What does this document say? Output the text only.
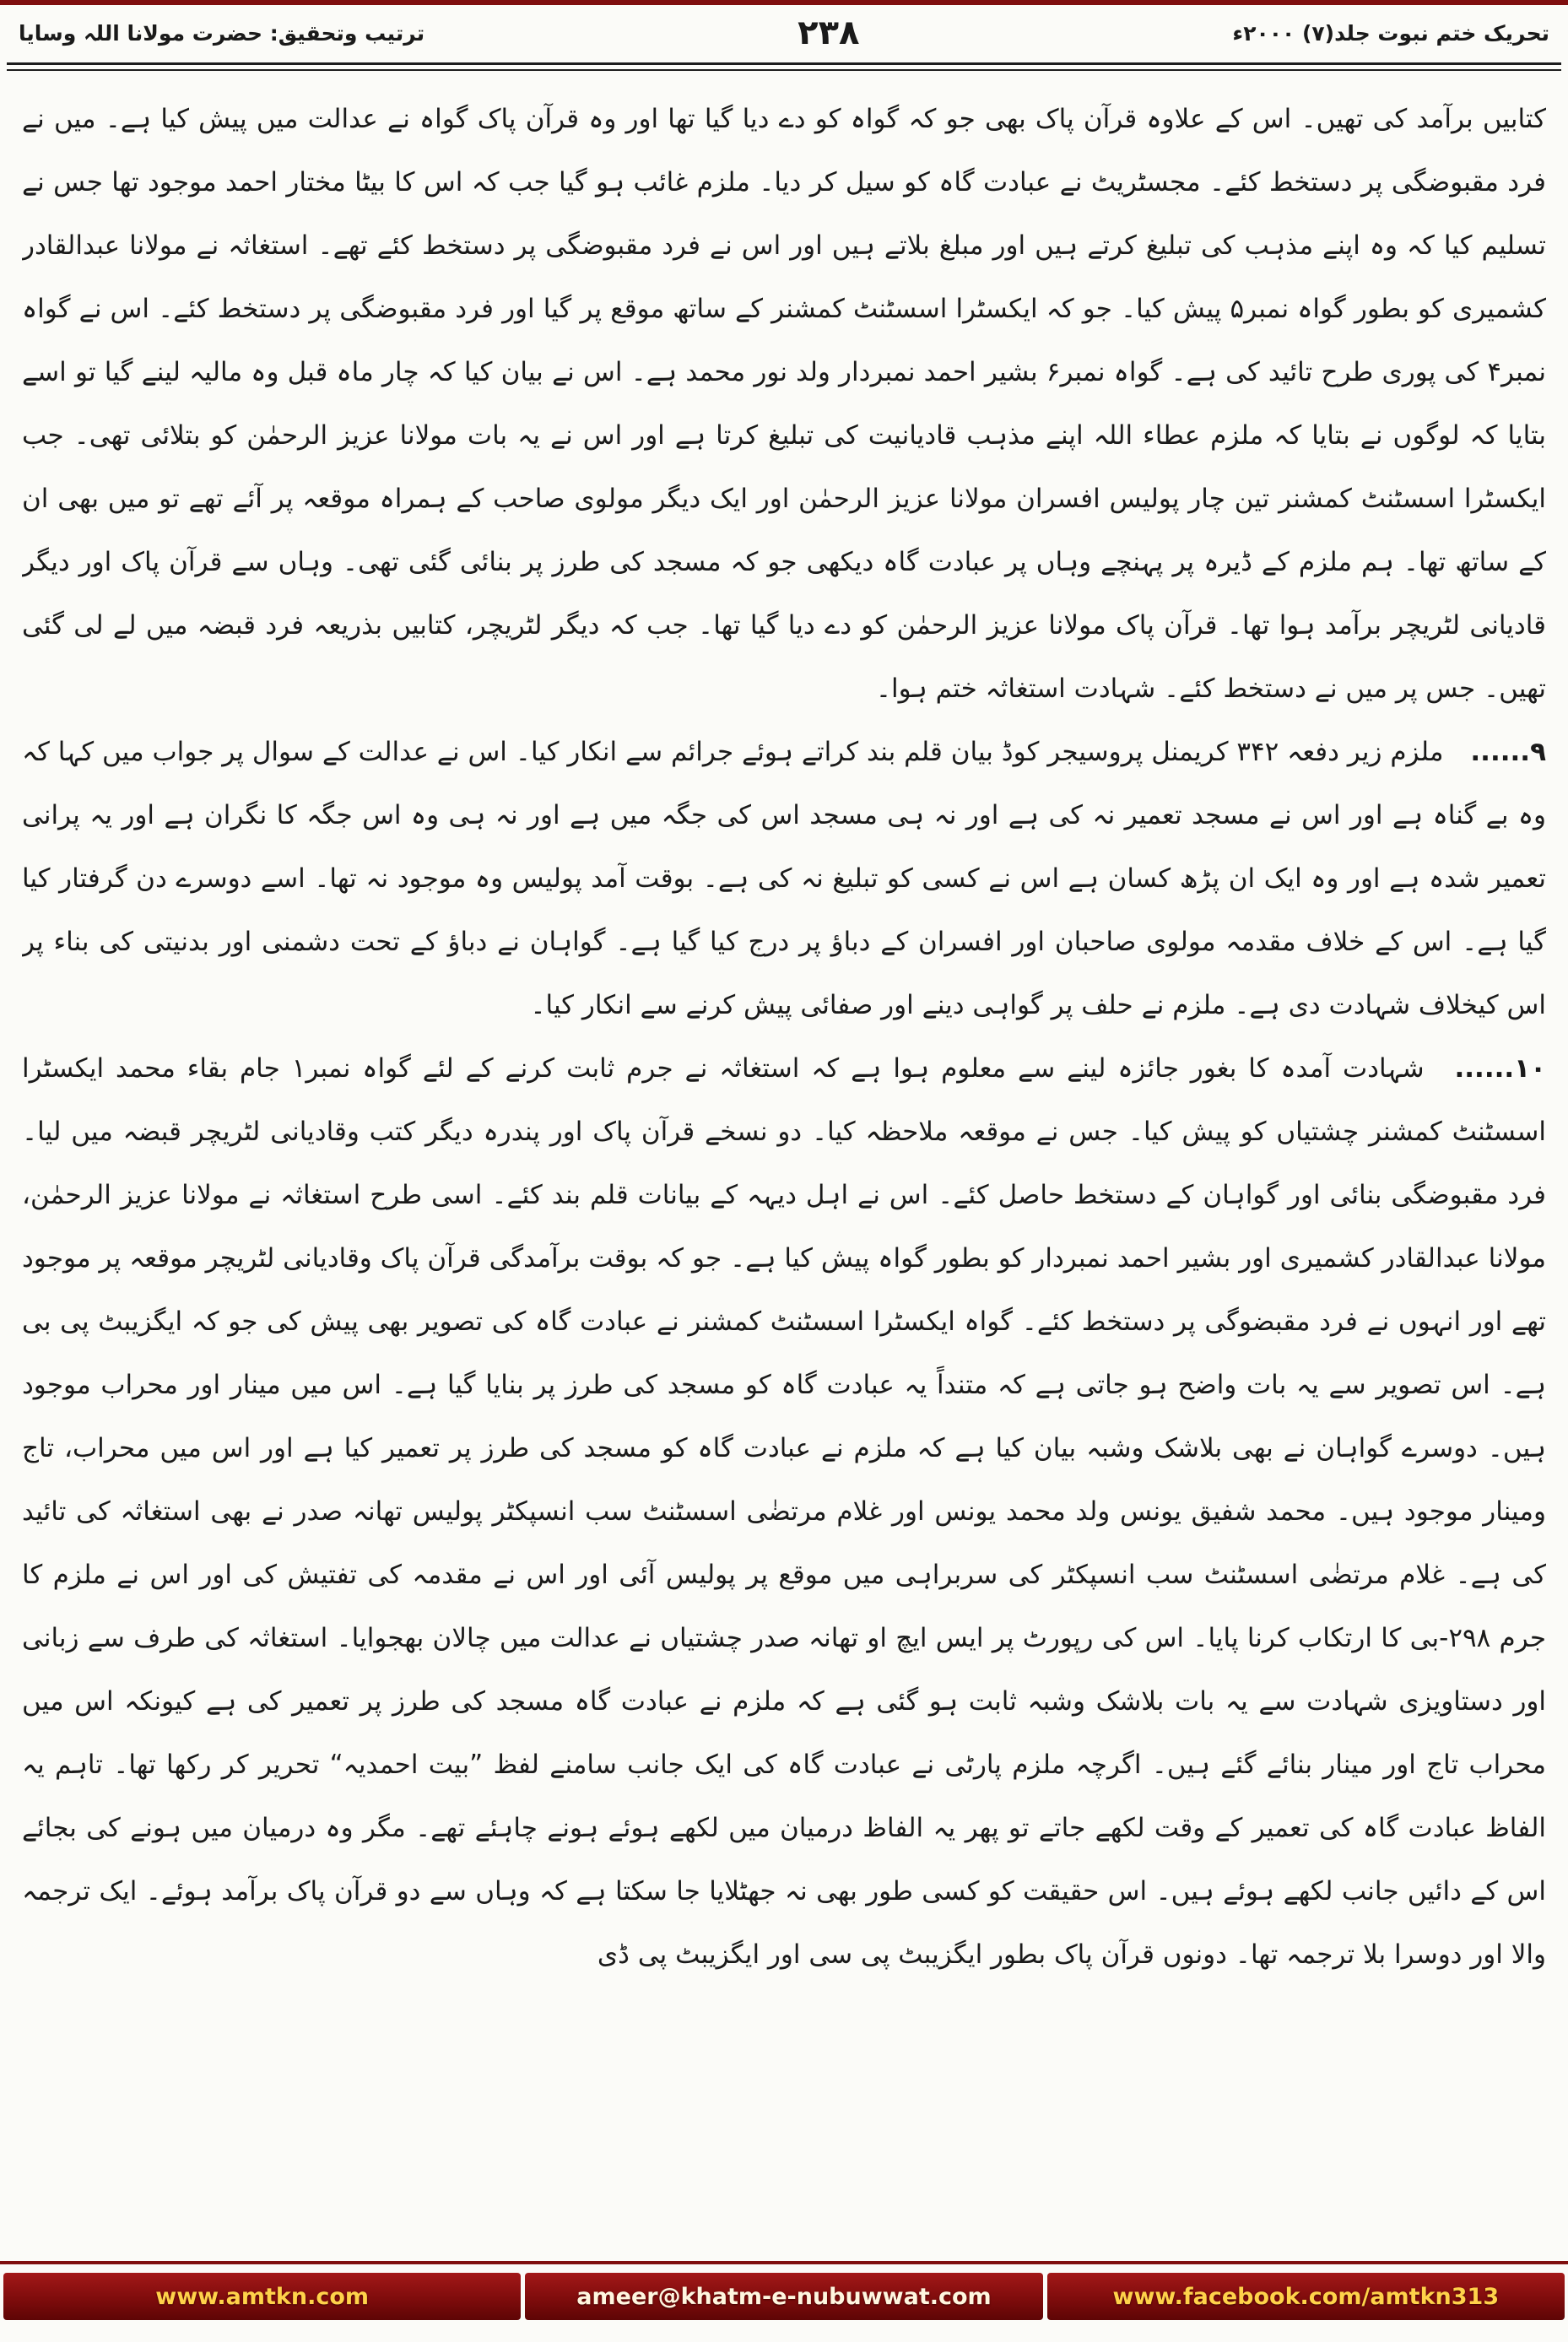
تحریک ختم نبوت جلد(۷) ۲۰۰۰ء
۲۳۸
ترتیب وتحقیق: حضرت مولانا اللہ وسایا

کتابیں برآمد کی تھیں۔ اس کے علاوہ قرآن پاک بھی جو کہ گواہ کو دے دیا گیا تھا اور وہ قرآن پاک گواہ نے عدالت میں پیش کیا ہے۔ میں نے فرد مقبوضگی پر دستخط کئے۔ مجسٹریٹ نے عبادت گاہ کو سیل کر دیا۔ ملزم غائب ہو گیا جب کہ اس کا بیٹا مختار احمد موجود تھا جس نے تسلیم کیا کہ وہ اپنے مذہب کی تبلیغ کرتے ہیں اور مبلغ بلاتے ہیں اور اس نے فرد مقبوضگی پر دستخط کئے تھے۔ استغاثہ نے مولانا عبدالقادر کشمیری کو بطور گواہ نمبر۵ پیش کیا۔ جو کہ ایکسٹرا اسسٹنٹ کمشنر کے ساتھ موقع پر گیا اور فرد مقبوضگی پر دستخط کئے۔ اس نے گواہ نمبر۴ کی پوری طرح تائید کی ہے۔ گواہ نمبر۶ بشیر احمد نمبردار ولد نور محمد ہے۔ اس نے بیان کیا کہ چار ماہ قبل وہ مالیہ لینے گیا تو اسے بتایا کہ لوگوں نے بتایا کہ ملزم عطاء اللہ اپنے مذہب قادیانیت کی تبلیغ کرتا ہے اور اس نے یہ بات مولانا عزیز الرحمٰن کو بتلائی تھی۔ جب ایکسٹرا اسسٹنٹ کمشنر تین چار پولیس افسران مولانا عزیز الرحمٰن اور ایک دیگر مولوی صاحب کے ہمراہ موقعہ پر آئے تھے تو میں بھی ان کے ساتھ تھا۔ ہم ملزم کے ڈیرہ پر پہنچے وہاں پر عبادت گاہ دیکھی جو کہ مسجد کی طرز پر بنائی گئی تھی۔ وہاں سے قرآن پاک اور دیگر قادیانی لٹریچر برآمد ہوا تھا۔ قرآن پاک مولانا عزیز الرحمٰن کو دے دیا گیا تھا۔ جب کہ دیگر لٹریچر، کتابیں بذریعہ فرد قبضہ میں لے لی گئی تھیں۔ جس پر میں نے دستخط کئے۔ شہادت استغاثہ ختم ہوا۔

۹...... ملزم زیر دفعہ ۳۴۲ کریمنل پروسیجر کوڈ بیان قلم بند کراتے ہوئے جرائم سے انکار کیا۔ اس نے عدالت کے سوال پر جواب میں کہا کہ وہ بے گناہ ہے اور اس نے مسجد تعمیر نہ کی ہے اور نہ ہی مسجد اس کی جگہ میں ہے اور نہ ہی وہ اس جگہ کا نگران ہے اور یہ پرانی تعمیر شدہ ہے اور وہ ایک ان پڑھ کسان ہے اس نے کسی کو تبلیغ نہ کی ہے۔ بوقت آمد پولیس وہ موجود نہ تھا۔ اسے دوسرے دن گرفتار کیا گیا ہے۔ اس کے خلاف مقدمہ مولوی صاحبان اور افسران کے دباؤ پر درج کیا گیا ہے۔ گواہان نے دباؤ کے تحت دشمنی اور بدنیتی کی بناء پر اس کیخلاف شہادت دی ہے۔ ملزم نے حلف پر گواہی دینے اور صفائی پیش کرنے سے انکار کیا۔

۱۰...... شہادت آمدہ کا بغور جائزہ لینے سے معلوم ہوا ہے کہ استغاثہ نے جرم ثابت کرنے کے لئے گواہ نمبر۱ جام بقاء محمد ایکسٹرا اسسٹنٹ کمشنر چشتیاں کو پیش کیا۔ جس نے موقعہ ملاحظہ کیا۔ دو نسخے قرآن پاک اور پندرہ دیگر کتب وقادیانی لٹریچر قبضہ میں لیا۔ فرد مقبوضگی بنائی اور گواہان کے دستخط حاصل کئے۔ اس نے اہل دیہہ کے بیانات قلم بند کئے۔ اسی طرح استغاثہ نے مولانا عزیز الرحمٰن، مولانا عبدالقادر کشمیری اور بشیر احمد نمبردار کو بطور گواہ پیش کیا ہے۔ جو کہ بوقت برآمدگی قرآن پاک وقادیانی لٹریچر موقعہ پر موجود تھے اور انہوں نے فرد مقبضوگی پر دستخط کئے۔ گواہ ایکسٹرا اسسٹنٹ کمشنر نے عبادت گاہ کی تصویر بھی پیش کی جو کہ ایگزیبٹ پی بی ہے۔ اس تصویر سے یہ بات واضح ہو جاتی ہے کہ متنداً یہ عبادت گاہ کو مسجد کی طرز پر بنایا گیا ہے۔ اس میں مینار اور محراب موجود ہیں۔ دوسرے گواہان نے بھی بلاشک وشبہ بیان کیا ہے کہ ملزم نے عبادت گاہ کو مسجد کی طرز پر تعمیر کیا ہے اور اس میں محراب، تاج ومینار موجود ہیں۔ محمد شفیق یونس ولد محمد یونس اور غلام مرتضٰی اسسٹنٹ سب انسپکٹر پولیس تھانہ صدر نے بھی استغاثہ کی تائید کی ہے۔ غلام مرتضٰی اسسٹنٹ سب انسپکٹر کی سربراہی میں موقع پر پولیس آئی اور اس نے مقدمہ کی تفتیش کی اور اس نے ملزم کا جرم ۲۹۸-بی کا ارتکاب کرنا پایا۔ اس کی رپورٹ پر ایس ایچ او تھانہ صدر چشتیاں نے عدالت میں چالان بھجوایا۔ استغاثہ کی طرف سے زبانی اور دستاویزی شہادت سے یہ بات بلاشک وشبہ ثابت ہو گئی ہے کہ ملزم نے عبادت گاہ مسجد کی طرز پر تعمیر کی ہے کیونکہ اس میں محراب تاج اور مینار بنائے گئے ہیں۔ اگرچہ ملزم پارٹی نے عبادت گاہ کی ایک جانب سامنے لفظ ”بیت احمدیہ“ تحریر کر رکھا تھا۔ تاہم یہ الفاظ عبادت گاہ کی تعمیر کے وقت لکھے جاتے تو پھر یہ الفاظ درمیان میں لکھے ہوئے ہونے چاہئے تھے۔ مگر وہ درمیان میں ہونے کی بجائے اس کے دائیں جانب لکھے ہوئے ہیں۔ اس حقیقت کو کسی طور بھی نہ جھٹلایا جا سکتا ہے کہ وہاں سے دو قرآن پاک برآمد ہوئے۔ ایک ترجمہ والا اور دوسرا بلا ترجمہ تھا۔ دونوں قرآن پاک بطور ایگزیبٹ پی سی اور ایگزیبٹ پی ڈی

www.amtkn.com	ameer@khatm-e-nubuwwat.com	www.facebook.com/amtkn313
